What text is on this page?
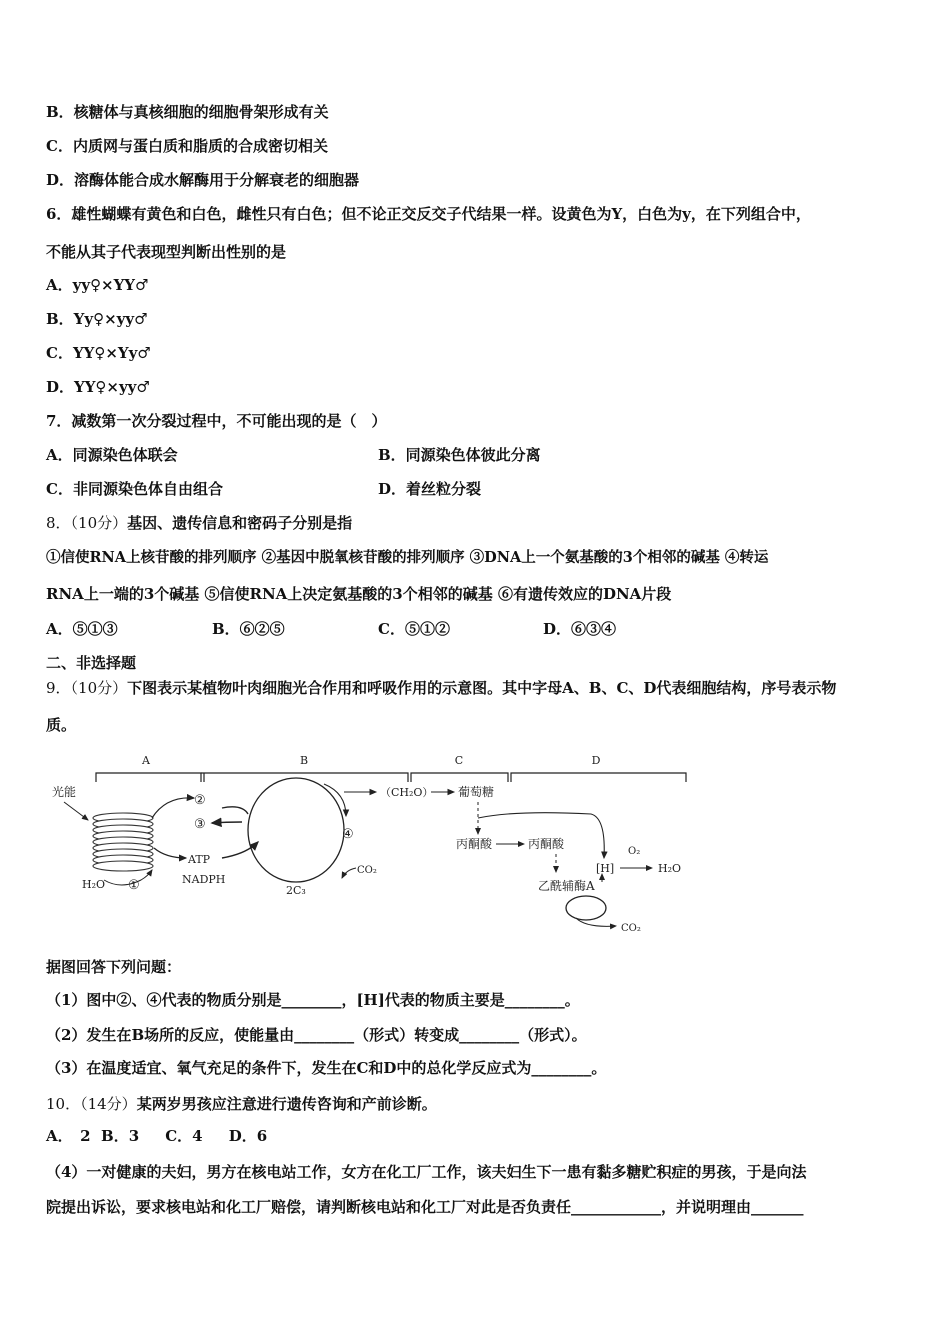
B．核糖体与真核细胞的细胞骨架形成有关
C．内质网与蛋白质和脂质的合成密切相关
D．溶酶体能合成水解酶用于分解衰老的细胞器
6．雄性蝴蝶有黄色和白色，雌性只有白色；但不论正交反交子代结果一样。设黄色为Y，白色为y，在下列组合中，
不能从其子代表现型判断出性别的是
A．yy♀×YY♂
B．Yy♀×yy♂
C．YY♀×Yy♂
D．YY♀×yy♂
7．减数第一次分裂过程中，不可能出现的是（　）
A．同源染色体联会	B．同源染色体彼此分离
C．非同源染色体自由组合	D．着丝粒分裂
8．（10分）基因、遗传信息和密码子分别是指
①信使RNA上核苷酸的排列顺序 ②基因中脱氧核苷酸的排列顺序 ③DNA上一个氨基酸的3个相邻的碱基 ④转运
RNA上一端的3个碱基 ⑤信使RNA上决定氨基酸的3个相邻的碱基 ⑥有遗传效应的DNA片段
A．⑤①③	B．⑥②⑤	C．⑤①②	D．⑥③④
二、非选择题
9．（10分）下图表示某植物叶肉细胞光合作用和呼吸作用的示意图。其中字母A、B、C、D代表细胞结构，序号表示物
质。
A	B	C	D
光能
H₂O ①
②
③
ATP
NADPH
④
CO₂
2C₃
（CH₂O） 葡萄糖
丙酮酸	丙酮酸
[H]
O₂
H₂O
乙酰辅酶A
CO₂
据图回答下列问题：
（1）图中②、④代表的物质分别是________，[H]代表的物质主要是________。
（2）发生在B场所的反应，使能量由________（形式）转变成________（形式）。
（3）在温度适宜、氧气充足的条件下，发生在C和D中的总化学反应式为________。
10．（14分）某两岁男孩应注意进行遗传咨询和产前诊断。
A．　2  B．3     C．4     D．6
（4）一对健康的夫妇，男方在核电站工作，女方在化工厂工作，该夫妇生下一患有黏多糖贮积症的男孩，于是向法
院提出诉讼，要求核电站和化工厂赔偿，请判断核电站和化工厂对此是否负责任____________，并说明理由_______
